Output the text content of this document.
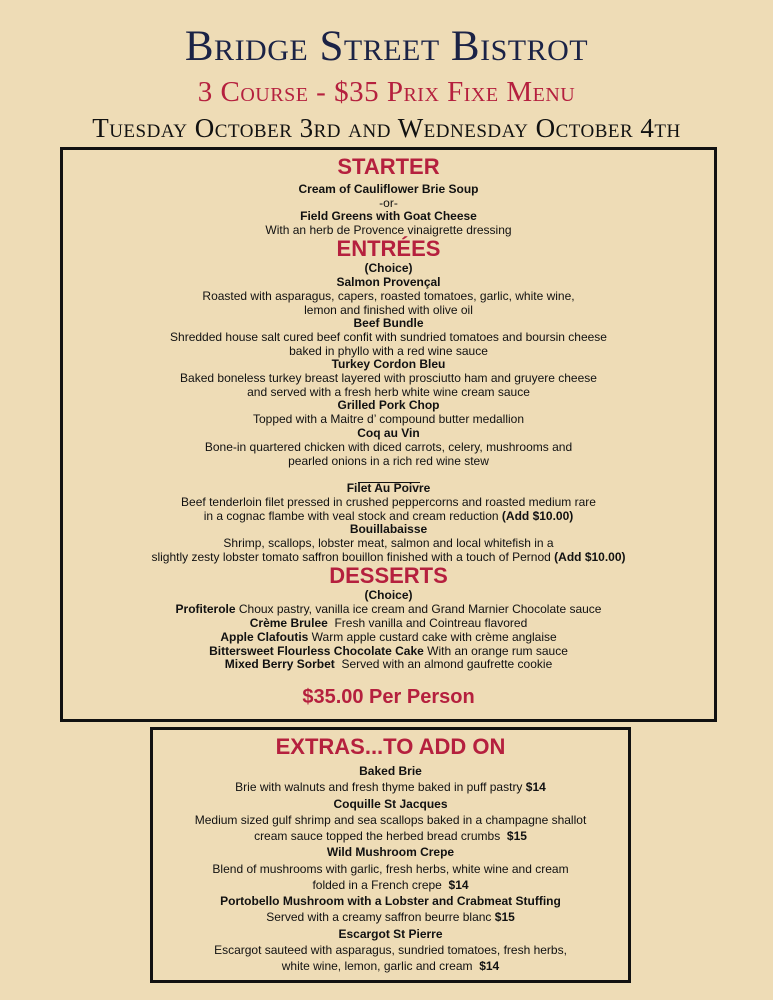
Bridge Street Bistrot
3 Course - $35 Prix Fixe Menu
Tuesday October 3rd and Wednesday October 4th
STARTER
Cream of Cauliflower Brie Soup
-or-
Field Greens with Goat Cheese
With an herb de Provence vinaigrette dressing
ENTRÉES
(Choice)
Salmon Provençal
Roasted with asparagus, capers, roasted tomatoes, garlic, white wine,
lemon and finished with olive oil
Beef Bundle
Shredded house salt cured beef confit with sundried tomatoes and boursin cheese
baked in phyllo with a red wine sauce
Turkey Cordon Bleu
Baked boneless turkey breast layered with prosciutto ham and gruyere cheese
and served with a fresh herb white wine cream sauce
Grilled Pork Chop
Topped with a Maitre d’ compound butter medallion
Coq au Vin
Bone-in quartered chicken with diced carrots, celery, mushrooms and
pearled onions in a rich red wine stew
Filet Au Poivre
Beef tenderloin filet pressed in crushed peppercorns and roasted medium rare
in a cognac flambe with veal stock and cream reduction (Add $10.00)
Bouillabaisse
Shrimp, scallops, lobster meat, salmon and local whitefish in a
slightly zesty lobster tomato saffron bouillon finished with a touch of Pernod (Add $10.00)
DESSERTS
(Choice)
Profiterole Choux pastry, vanilla ice cream and Grand Marnier Chocolate sauce
Crème Brulee  Fresh vanilla and Cointreau flavored
Apple Clafoutis Warm apple custard cake with crème anglaise
Bittersweet Flourless Chocolate Cake With an orange rum sauce
Mixed Berry Sorbet  Served with an almond gaufrette cookie
$35.00 Per Person
EXTRAS...TO ADD ON
Baked Brie
Brie with walnuts and fresh thyme baked in puff pastry $14
Coquille St Jacques
Medium sized gulf shrimp and sea scallops baked in a champagne shallot
cream sauce topped the herbed bread crumbs  $15
Wild Mushroom Crepe
Blend of mushrooms with garlic, fresh herbs, white wine and cream
folded in a French crepe  $14
Portobello Mushroom with a Lobster and Crabmeat Stuffing
Served with a creamy saffron beurre blanc $15
Escargot St Pierre
Escargot sauteed with asparagus, sundried tomatoes, fresh herbs,
white wine, lemon, garlic and cream  $14
